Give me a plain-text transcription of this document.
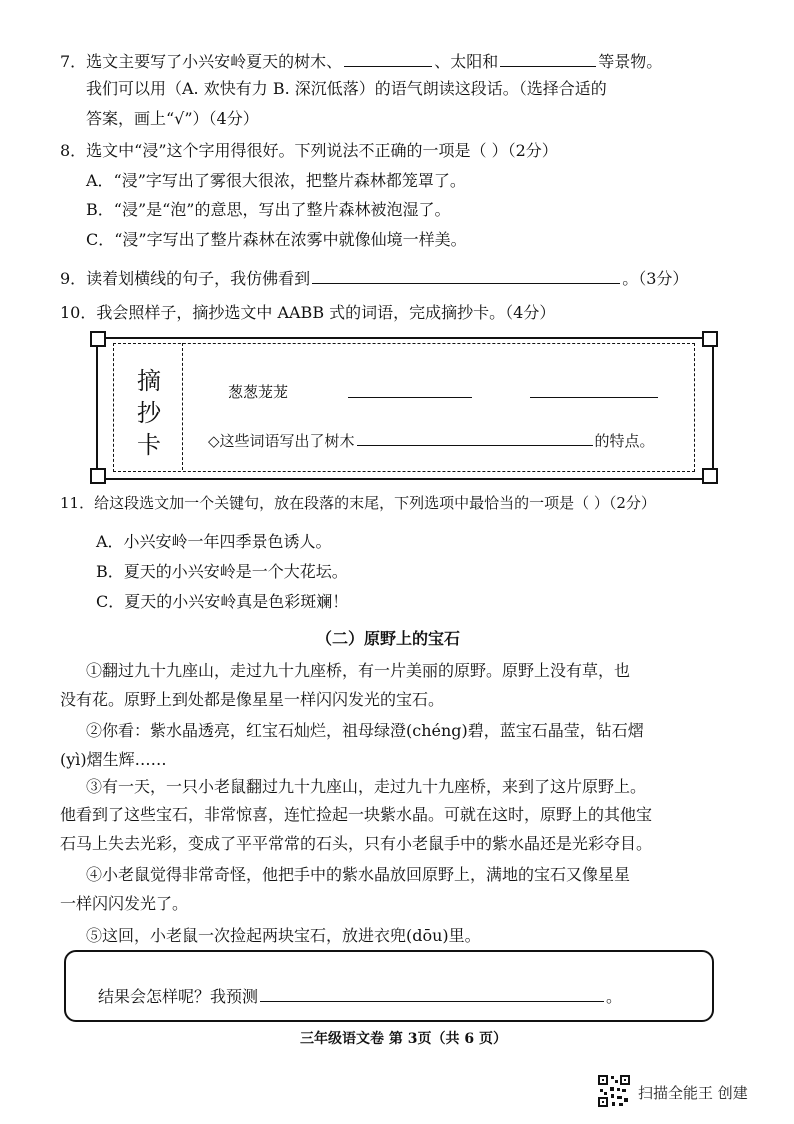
7．选文主要写了小兴安岭夏天的树木、	、太阳和	等景物。
我们可以用（A. 欢快有力 B. 深沉低落）的语气朗读这段话。（选择合适的
答案，画上“√”）（4分）
8．选文中“浸”这个字用得很好。下列说法不正确的一项是（ ）（2分）
A．“浸”字写出了雾很大很浓，把整片森林都笼罩了。
B．“浸”是“泡”的意思，写出了整片森林被泡湿了。
C．“浸”字写出了整片森林在浓雾中就像仙境一样美。
9．读着划横线的句子，我仿佛看到	。（3分）
10．我会照样子，摘抄选文中 AABB 式的词语，完成摘抄卡。（4分）
摘抄卡
葱葱茏茏
◇这些词语写出了树木	的特点。
11．给这段选文加一个关键句，放在段落的末尾，下列选项中最恰当的一项是（ ）（2分）
A．小兴安岭一年四季景色诱人。
B．夏天的小兴安岭是一个大花坛。
C．夏天的小兴安岭真是色彩斑斓！
（二）原野上的宝石
①翻过九十九座山，走过九十九座桥，有一片美丽的原野。原野上没有草，也
没有花。原野上到处都是像星星一样闪闪发光的宝石。
②你看：紫水晶透亮，红宝石灿烂，祖母绿澄(chéng)碧，蓝宝石晶莹，钻石熠
(yì)熠生辉……
③有一天，一只小老鼠翻过九十九座山，走过九十九座桥，来到了这片原野上。
他看到了这些宝石，非常惊喜，连忙捡起一块紫水晶。可就在这时，原野上的其他宝
石马上失去光彩，变成了平平常常的石头，只有小老鼠手中的紫水晶还是光彩夺目。
④小老鼠觉得非常奇怪，他把手中的紫水晶放回原野上，满地的宝石又像星星
一样闪闪发光了。
⑤这回，小老鼠一次捡起两块宝石，放进衣兜(dōu)里。
结果会怎样呢？我预测	。
三年级语文卷 第 3页（共 6 页）
扫描全能王 创建
